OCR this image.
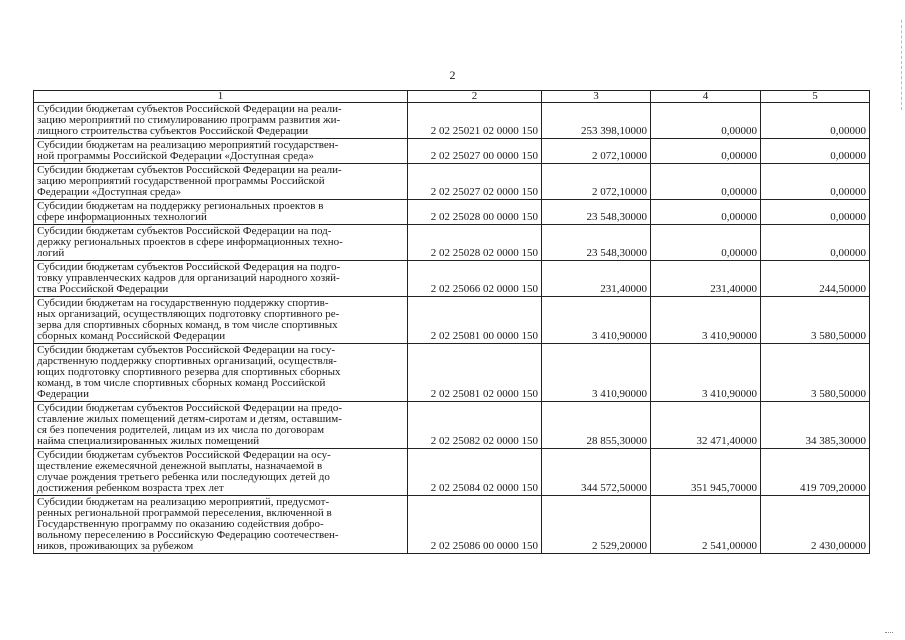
2
1	2	3	4	5
Субсидии бюджетам субъектов Российской Федерации на реали-
зацию мероприятий по стимулированию программ развития жи-
лищного строительства субъектов Российской Федерации	2 02 25021 02 0000 150	253 398,10000	0,00000	0,00000
Субсидии бюджетам на реализацию мероприятий государствен-
ной программы Российской Федерации «Доступная среда»	2 02 25027 00 0000 150	2 072,10000	0,00000	0,00000
Субсидии бюджетам субъектов Российской Федерации на реали-
зацию мероприятий государственной программы Российской
Федерации «Доступная среда»	2 02 25027 02 0000 150	2 072,10000	0,00000	0,00000
Субсидии бюджетам на поддержку региональных проектов в
сфере информационных технологий	2 02 25028 00 0000 150	23 548,30000	0,00000	0,00000
Субсидии бюджетам субъектов Российской Федерации на под-
держку региональных проектов в сфере информационных техно-
логий	2 02 25028 02 0000 150	23 548,30000	0,00000	0,00000
Субсидии бюджетам субъектов Российской Федерация на подго-
товку управленческих кадров для организаций народного хозяй-
ства Российской Федерации	2 02 25066 02 0000 150	231,40000	231,40000	244,50000
Субсидии бюджетам на государственную поддержку спортив-
ных организаций, осуществляющих подготовку спортивного ре-
зерва для спортивных сборных команд, в том числе спортивных
сборных команд Российской Федерации	2 02 25081 00 0000 150	3 410,90000	3 410,90000	3 580,50000
Субсидии бюджетам субъектов Российской Федерации на госу-
дарственную поддержку спортивных организаций, осуществля-
ющих подготовку спортивного резерва для спортивных сборных
команд, в том числе спортивных сборных команд Российской
Федерации	2 02 25081 02 0000 150	3 410,90000	3 410,90000	3 580,50000
Субсидии бюджетам субъектов Российской Федерации на предо-
ставление жилых помещений детям-сиротам и детям, оставшим-
ся без попечения родителей, лицам из их числа по договорам
найма специализированных жилых помещений	2 02 25082 02 0000 150	28 855,30000	32 471,40000	34 385,30000
Субсидии бюджетам субъектов Российской Федерации на осу-
ществление ежемесячной денежной выплаты, назначаемой в
случае рождения третьего ребенка или последующих детей до
достижения ребенком возраста трех лет	2 02 25084 02 0000 150	344 572,50000	351 945,70000	419 709,20000
Субсидии бюджетам на реализацию мероприятий, предусмот-
ренных региональной программой переселения, включенной в
Государственную программу по оказанию содействия добро-
вольному переселению в Российскую Федерацию соотечествен-
ников, проживающих за рубежом	2 02 25086 00 0000 150	2 529,20000	2 541,00000	2 430,00000
